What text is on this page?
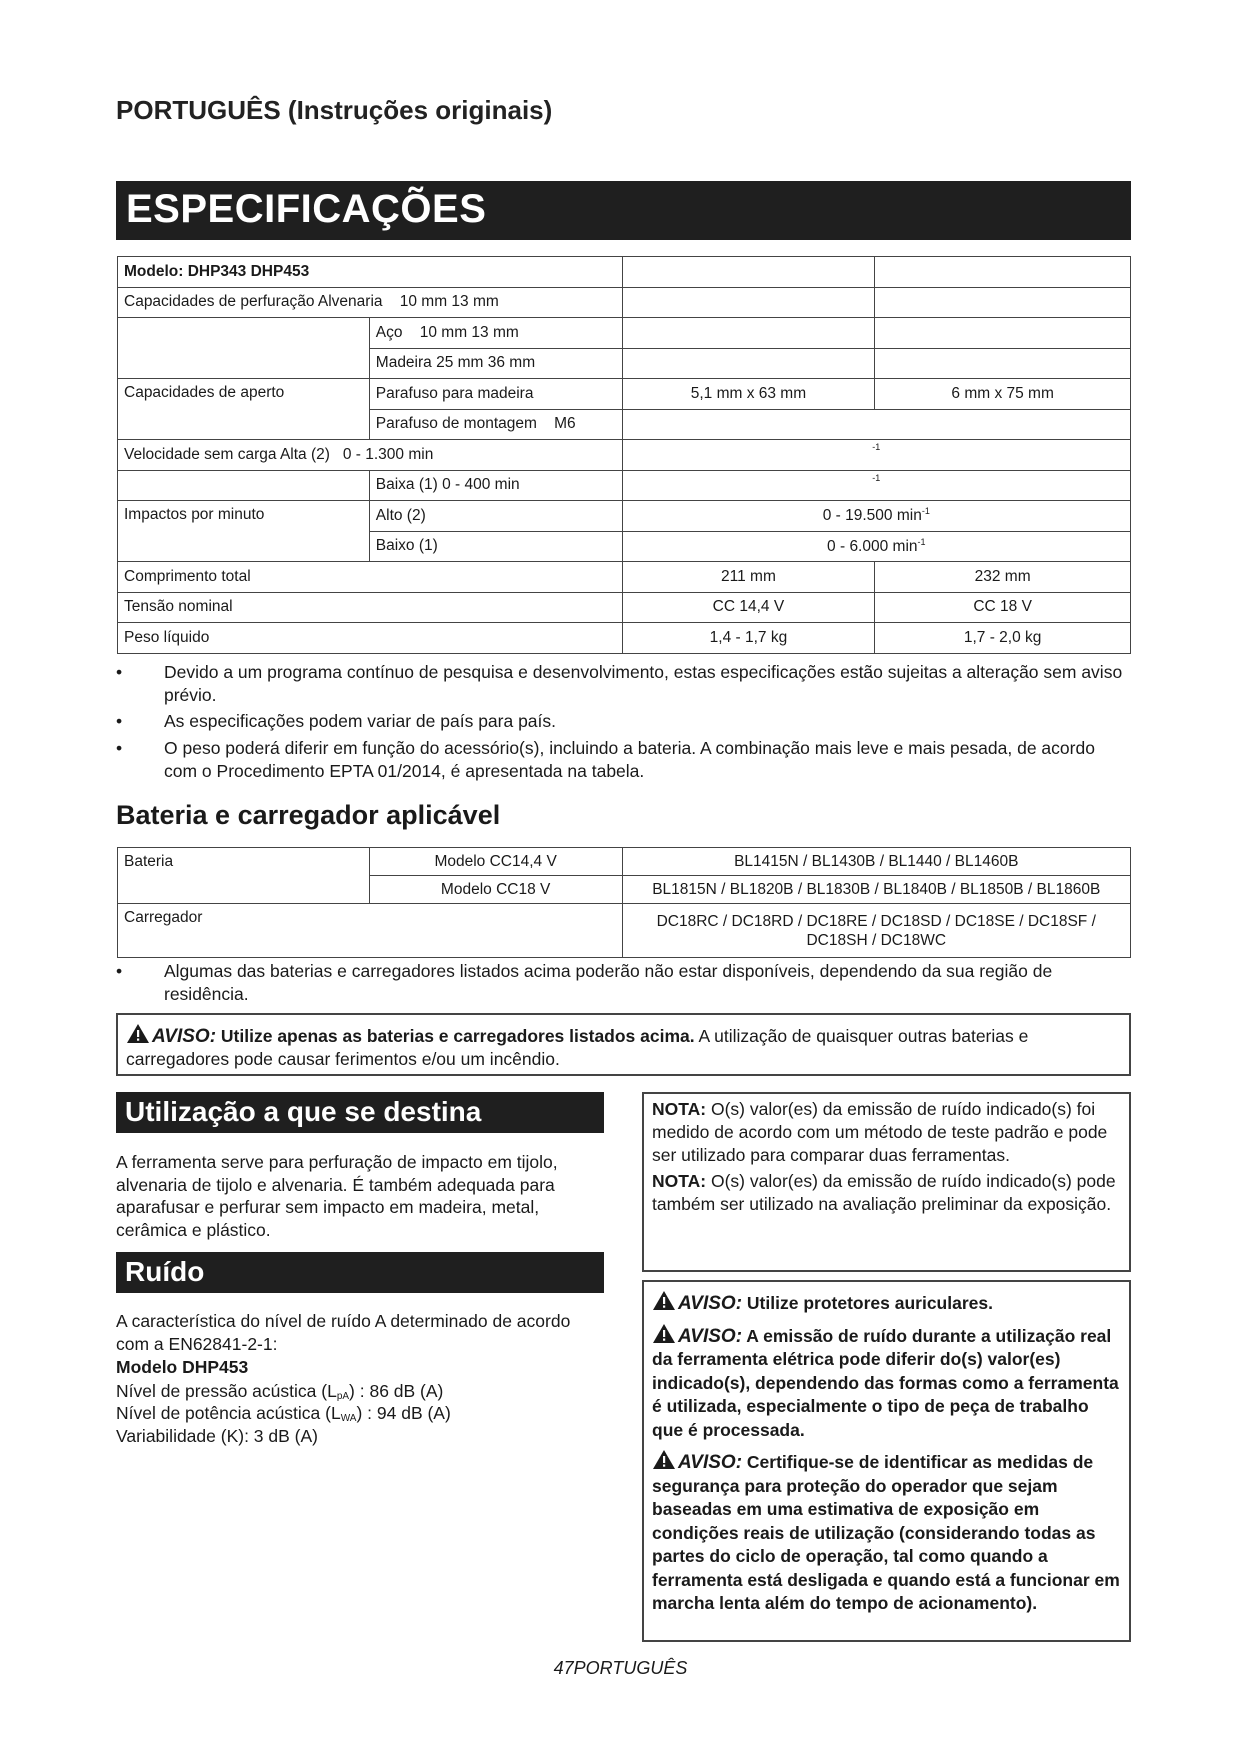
PORTUGUÊS (Instruções originais)
ESPECIFICAÇÕES
Modelo: DHP343 DHP453			
Capacidades de perfuração Alvenaria 10 mm 13 mm			
	Aço 10 mm 13 mm		
	Madeira 25 mm 36 mm		
Capacidades de aperto	Parafuso para madeira	5,1 mm x 63 mm	6 mm x 75 mm
	Parafuso de montagem M6		
Velocidade sem carga Alta (2) 0 - 1.300 min		-1	
	Baixa (1) 0 - 400 min	-1	
Impactos por minuto	Alto (2)	0 - 19.500 $\min^{-1}$
	Baixo (1)	0 - 6.000 $\min^{-1}$
Comprimento total		211 mm	232 mm
Tensão nominal		CC 14,4 V	CC 18 V
Peso líquido		1,4 - 1,7 kg	1,7 - 2,0 kg
• Devido a um programa contínuo de pesquisa e desenvolvimento, estas especificações estão sujeitas a alteração sem aviso prévio.
• As especificações podem variar de país para país.
• O peso poderá diferir em função do acessório(s), incluindo a bateria. A combinação mais leve e mais pesada, de acordo com o Procedimento EPTA 01/2014, é apresentada na tabela.
Bateria e carregador aplicável
Bateria	Modelo CC14,4 V	BL1415N / BL1430B / BL1440 / BL1460B
	Modelo CC18 V	BL1815N / BL1820B / BL1830B / BL1840B / BL1850B / BL1860B
Carregador		DC18RC / DC18RD / DC18RE / DC18SD / DC18SE / DC18SF / DC18SH / DC18WC
• Algumas das baterias e carregadores listados acima poderão não estar disponíveis, dependendo da sua região de residência.
AVISO: Utilize apenas as baterias e carregadores listados acima. A utilização de quaisquer outras baterias e carregadores pode causar ferimentos e/ou um incêndio.
Utilização a que se destina
A ferramenta serve para perfuração de impacto em tijolo, alvenaria de tijolo e alvenaria. É também adequada para aparafusar e perfurar sem impacto em madeira, metal, cerâmica e plástico.
Ruído
A característica do nível de ruído A determinado de acordo com a EN62841-2-1:
Modelo DHP453
Nível de pressão acústica $(L_{pA})$ : 86 dB (A)
Nível de potência acústica $(L_{WA})$ : 94 dB (A)
Variabilidade (K): 3 dB (A)
NOTA: O(s) valor(es) da emissão de ruído indicado(s) foi medido de acordo com um método de teste padrão e pode ser utilizado para comparar duas ferramentas.
NOTA: O(s) valor(es) da emissão de ruído indicado(s) pode também ser utilizado na avaliação preliminar da exposição.
AVISO: Utilize protetores auriculares.
AVISO: A emissão de ruído durante a utilização real da ferramenta elétrica pode diferir do(s) valor(es) indicado(s), dependendo das formas como a ferramenta é utilizada, especialmente o tipo de peça de trabalho que é processada.
AVISO: Certifique-se de identificar as medidas de segurança para proteção do operador que sejam baseadas em uma estimativa de exposição em condições reais de utilização (considerando todas as partes do ciclo de operação, tal como quando a ferramenta está desligada e quando está a funcionar em marcha lenta além do tempo de acionamento).
47PORTUGUÊS
